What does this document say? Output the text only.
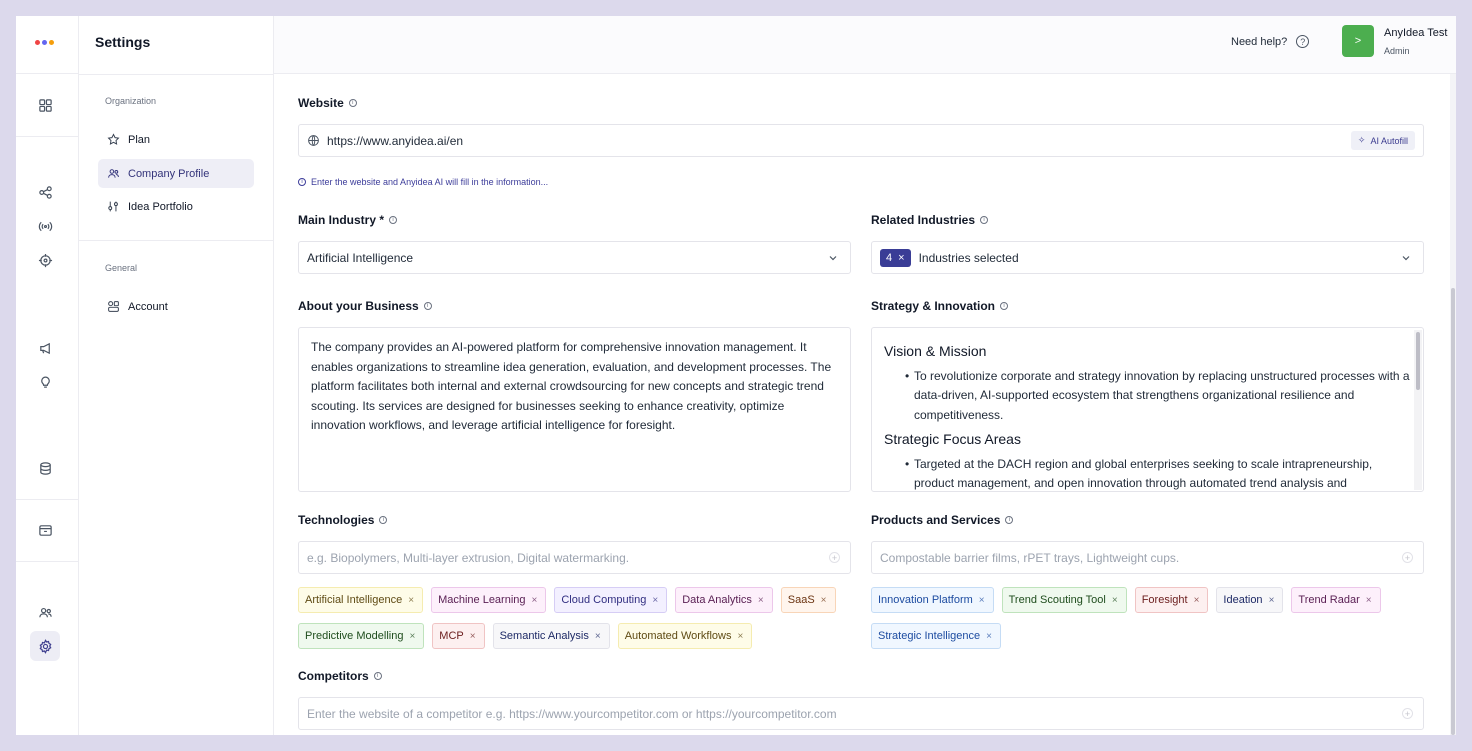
Settings
Organization
Plan
Company Profile
Idea Portfolio
General
Account
Need help?	?	>
AnyIdea Test
Admin
Website	i
https://www.anyidea.ai/en	✧ AI Autofill
i Enter the website and Anyidea AI will fill in the information...
Main Industry *	i
Artificial Intelligence
Related Industries	i
4 × Industries selected
About your Business	i
The company provides an AI-powered platform for comprehensive innovation management. It enables organizations to streamline idea generation, evaluation, and development processes. The platform facilitates both internal and external crowdsourcing for new concepts and strategic trend scouting. Its services are designed for businesses seeking to enhance creativity, optimize innovation workflows, and leverage artificial intelligence for foresight.
Strategy & Innovation	i
Vision & Mission
• To revolutionize corporate and strategy innovation by replacing unstructured processes with a data-driven, AI-supported ecosystem that strengthens organizational resilience and competitiveness.
Strategic Focus Areas
• Targeted at the DACH region and global enterprises seeking to scale intrapreneurship, product management, and open innovation through automated trend analysis and
Technologies	i
e.g. Biopolymers, Multi-layer extrusion, Digital watermarking.	+
Artificial Intelligence × Machine Learning × Cloud Computing × Data Analytics × SaaS ×
Predictive Modelling × MCP × Semantic Analysis × Automated Workflows ×
Products and Services	i
Compostable barrier films, rPET trays, Lightweight cups.	+
Innovation Platform × Trend Scouting Tool × Foresight × Ideation × Trend Radar ×
Strategic Intelligence ×
Competitors	i
Enter the website of a competitor e.g. https://www.yourcompetitor.com or https://yourcompetitor.com	+
